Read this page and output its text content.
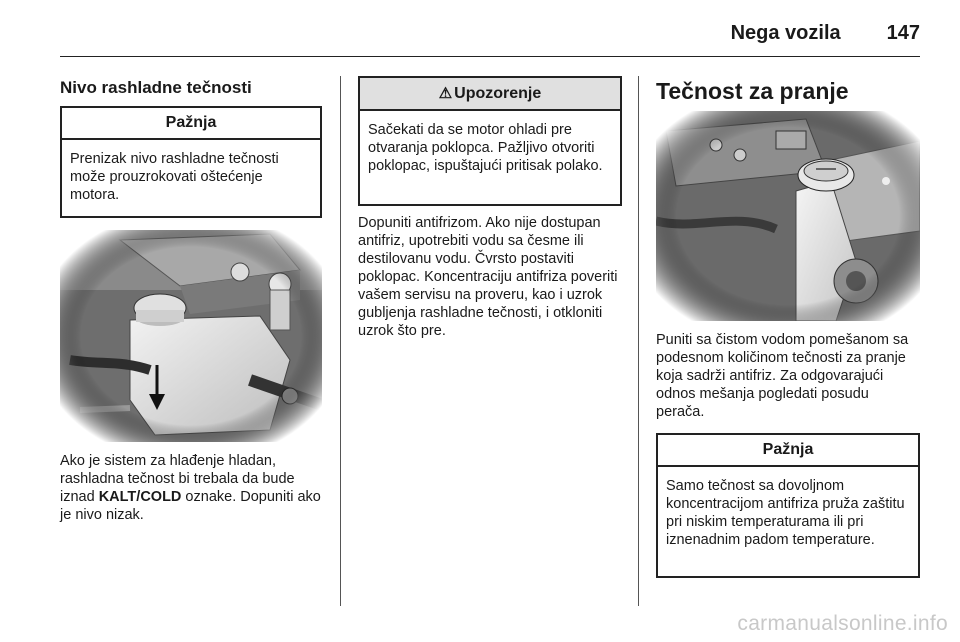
Nega vozila 147
Nivo rashladne tečnosti
Pažnja
Prenizak nivo rashladne tečnosti može prouzrokovati oštećenje motora.
Ako je sistem za hlađenje hladan, rashladna tečnost bi trebala da bude iznad KALT/COLD oznake. Dopuniti ako je nivo nizak.
⚠ Upozorenje
Sačekati da se motor ohladi pre otvaranja poklopca. Pažljivo otvoriti poklopac, ispuštajući pritisak polako.
Dopuniti antifrizom. Ako nije dostupan antifriz, upotrebiti vodu sa česme ili destilovanu vodu. Čvrsto postaviti poklopac. Koncentraciju antifriza poveriti vašem servisu na proveru, kao i uzrok gubljenja rashladne tečnosti, i otkloniti uzrok što pre.
Tečnost za pranje
Puniti sa čistom vodom pomešanom sa podesnom količinom tečnosti za pranje koja sadrži antifriz. Za odgovarajući odnos mešanja pogledati posudu perača.
Pažnja
Samo tečnost sa dovoljnom koncentracijom antifriza pruža zaštitu pri niskim temperaturama ili pri iznenadnim padom temperature.
carmanualsonline.info
